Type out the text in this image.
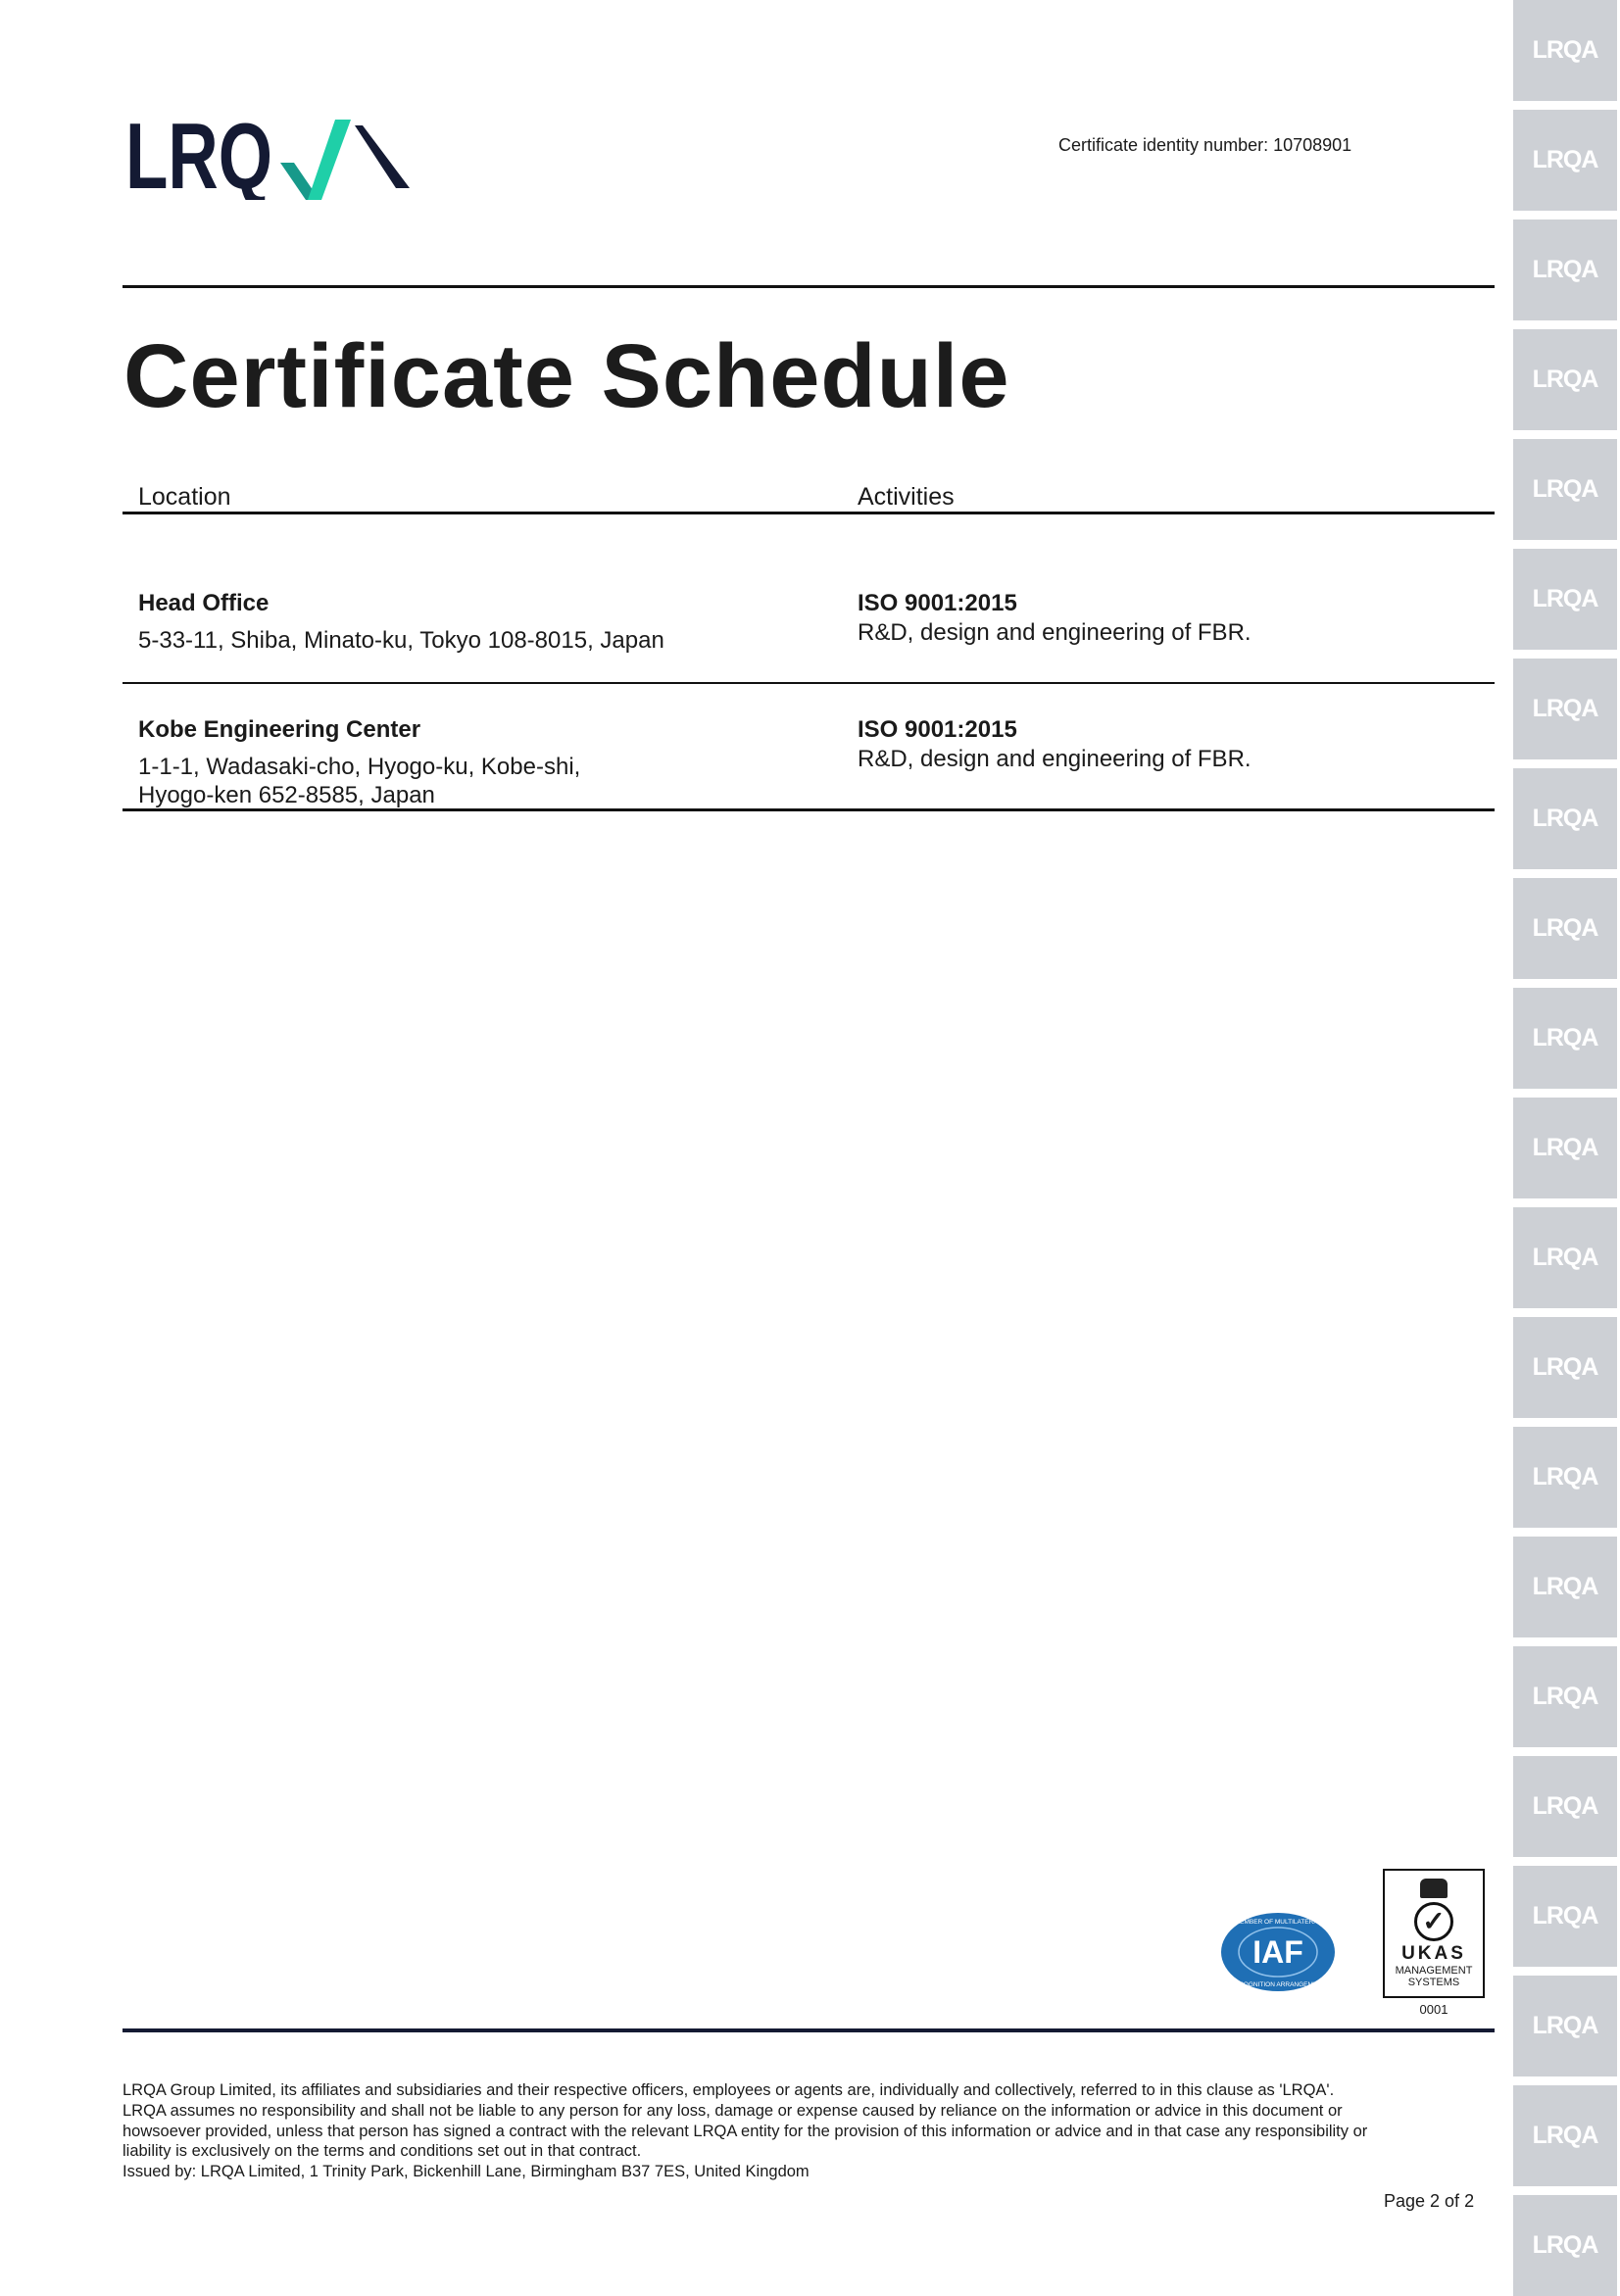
LRQ	Certificate identity number: 10708901
Certificate Schedule
Location	Activities
Head Office
5-33-11, Shiba, Minato-ku, Tokyo 108-8015, Japan
ISO 9001:2015
R&D, design and engineering of FBR.
Kobe Engineering Center
1-1-1, Wadasaki-cho, Hyogo-ku, Kobe-shi,
Hyogo-ken 652-8585, Japan
ISO 9001:2015
R&D, design and engineering of FBR.
IAF
MEMBER OF MULTILATERAL
RECOGNITION ARRANGEMENT
✓
UKAS
MANAGEMENT
SYSTEMS
0001
LRQA Group Limited, its affiliates and subsidiaries and their respective officers, employees or agents are, individually and collectively, referred to in this clause as 'LRQA'.
LRQA assumes no responsibility and shall not be liable to any person for any loss, damage or expense caused by reliance on the information or advice in this document or
howsoever provided, unless that person has signed a contract with the relevant LRQA entity for the provision of this information or advice and in that case any responsibility or
liability is exclusively on the terms and conditions set out in that contract.
Issued by: LRQA Limited, 1 Trinity Park, Bickenhill Lane, Birmingham B37 7ES, United Kingdom
Page 2 of 2
LRQA
LRQA
LRQA
LRQA
LRQA
LRQA
LRQA
LRQA
LRQA
LRQA
LRQA
LRQA
LRQA
LRQA
LRQA
LRQA
LRQA
LRQA
LRQA
LRQA
LRQA
